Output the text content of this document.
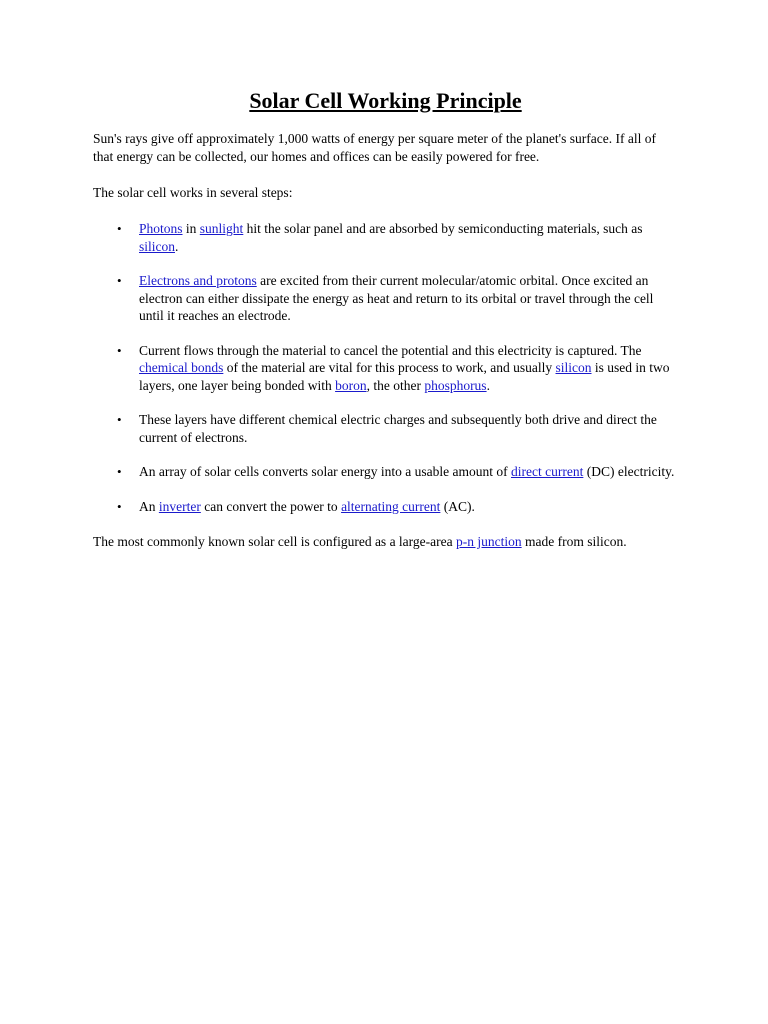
Solar Cell Working Principle

Sun's rays give off approximately 1,000 watts of energy per square meter of the planet's surface. If all of that energy can be collected, our homes and offices can be easily powered for free.

The solar cell works in several steps:

• Photons in sunlight hit the solar panel and are absorbed by semiconducting materials, such as silicon.
• Electrons and protons are excited from their current molecular/atomic orbital. Once excited an electron can either dissipate the energy as heat and return to its orbital or travel through the cell until it reaches an electrode.
• Current flows through the material to cancel the potential and this electricity is captured. The chemical bonds of the material are vital for this process to work, and usually silicon is used in two layers, one layer being bonded with boron, the other phosphorus.
• These layers have different chemical electric charges and subsequently both drive and direct the current of electrons.
• An array of solar cells converts solar energy into a usable amount of direct current (DC) electricity.
• An inverter can convert the power to alternating current (AC).

The most commonly known solar cell is configured as a large-area p-n junction made from silicon.
